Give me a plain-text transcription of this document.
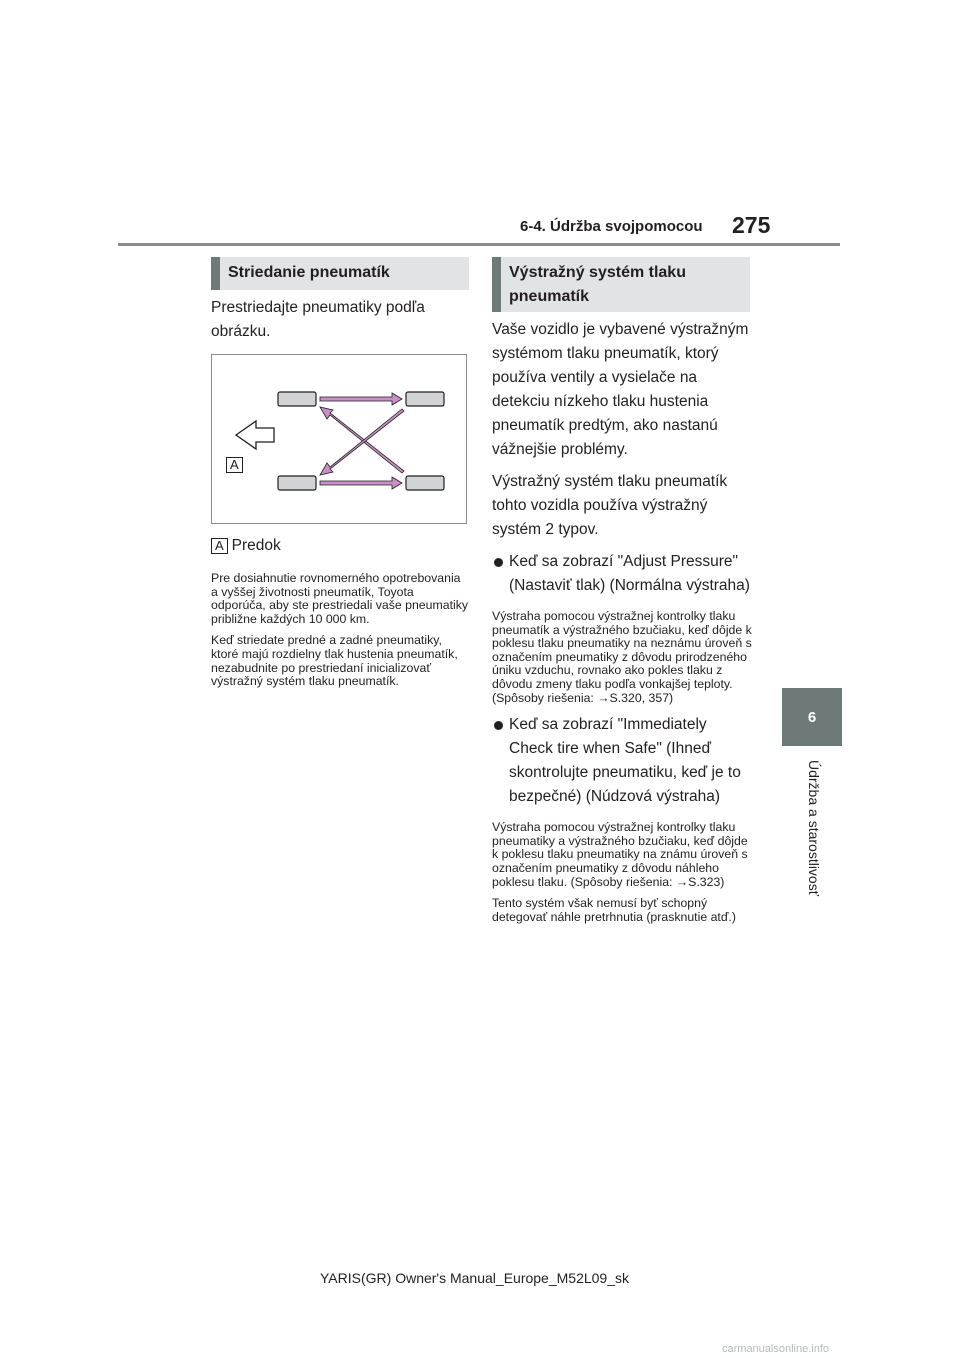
6-4. Údržba svojpomocou 275
6
Údržba a starostlivosť
Striedanie pneumatík

Prestriedajte pneumatiky podľa obrázku.

A

A Predok

Pre dosiahnutie rovnomerného opotrebovania a vyššej životnosti pneumatík, Toyota odporúča, aby ste prestriedali vaše pneumatiky približne každých 10 000 km.

Keď striedate predné a zadné pneumatiky, ktoré majú rozdielny tlak hustenia pneumatík, nezabudnite po prestriedaní inicializovať výstražný systém tlaku pneumatík.

Výstražný systém tlaku pneumatík

Vaše vozidlo je vybavené výstražným systémom tlaku pneumatík, ktorý používa ventily a vysielače na detekciu nízkeho tlaku hustenia pneumatík predtým, ako nastanú vážnejšie problémy.

Výstražný systém tlaku pneumatík tohto vozidla používa výstražný systém 2 typov.

Keď sa zobrazí "Adjust Pressure" (Nastaviť tlak) (Normálna výstraha)

Výstraha pomocou výstražnej kontrolky tlaku pneumatík a výstražného bzučiaku, keď dôjde k poklesu tlaku pneumatiky na neznámu úroveň s označením pneumatiky z dôvodu prirodzeného úniku vzduchu, rovnako ako pokles tlaku z dôvodu zmeny tlaku podľa vonkajšej teploty.

(Spôsoby riešenia: →S.320, 357)

Keď sa zobrazí "Immediately Check tire when Safe" (Ihneď skontrolujte pneumatiku, keď je to bezpečné) (Núdzová výstraha)

Výstraha pomocou výstražnej kontrolky tlaku pneumatiky a výstražného bzučiaku, keď dôjde k poklesu tlaku pneumatiky na známu úroveň s označením pneumatiky z dôvodu náhleho poklesu tlaku. (Spôsoby riešenia: →S.323)

Tento systém však nemusí byť schopný detegovať náhle pretrhnutia (prasknutie atď.)

YARIS(GR) Owner's Manual_Europe_M52L09_sk
carmanualsonline.info
